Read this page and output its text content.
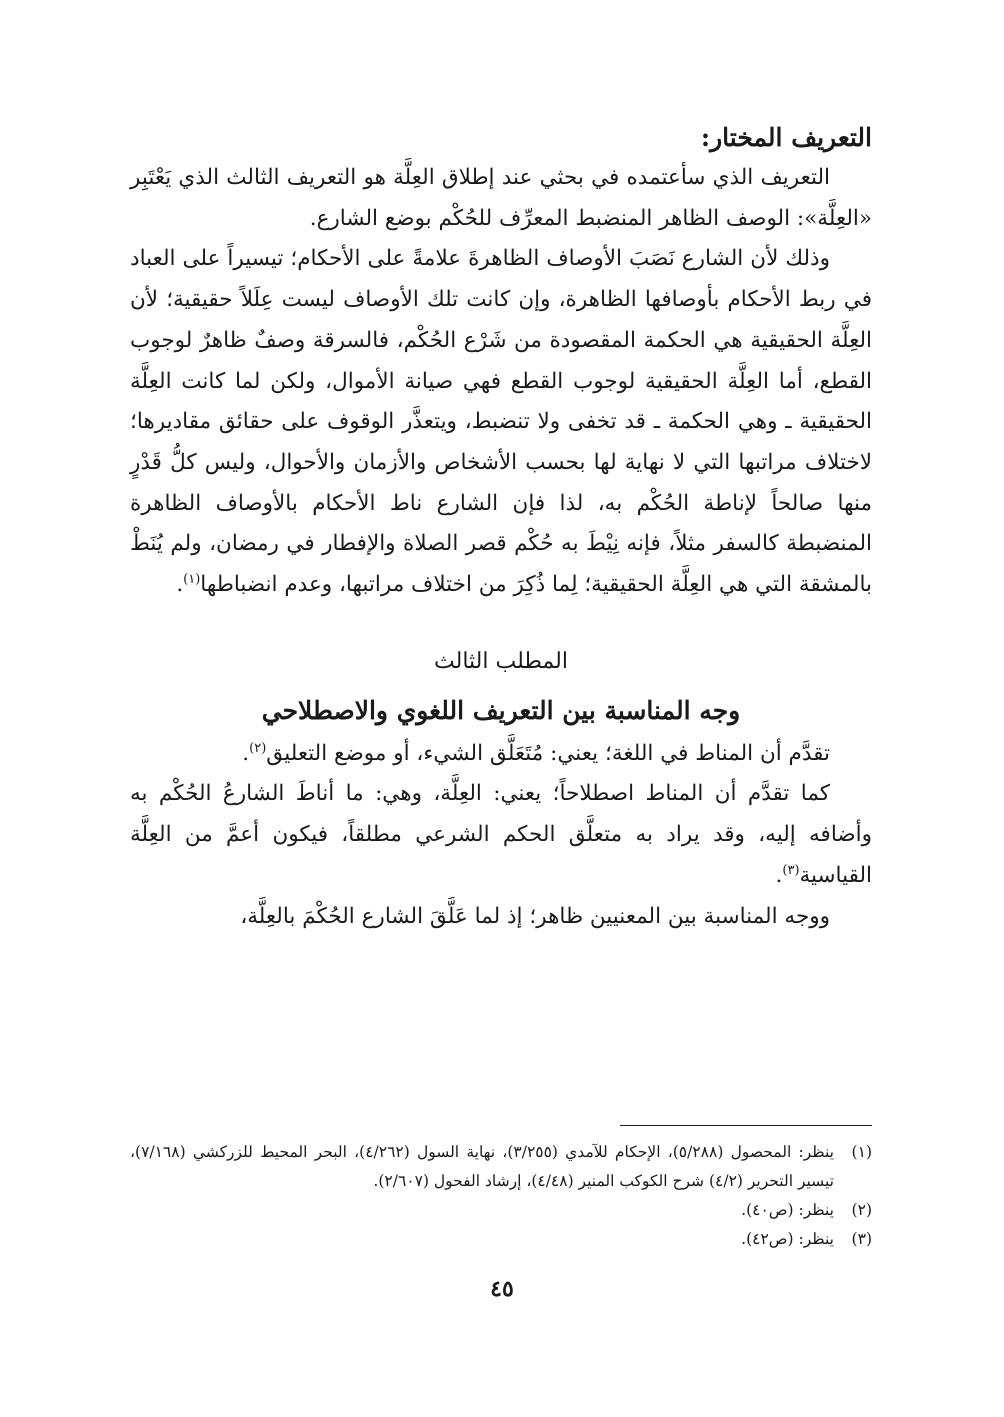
التعريف المختار:

التعريف الذي سأعتمده في بحثي عند إطلاق العِلَّة هو التعريف الثالث الذي يَعْتَبِر «العِلَّة»: الوصف الظاهر المنضبط المعرِّف للحُكْم بوضع الشارع.

وذلك لأن الشارع نَصَبَ الأوصاف الظاهرةَ علامةً على الأحكام؛ تيسيراً على العباد في ربط الأحكام بأوصافها الظاهرة، وإن كانت تلك الأوصاف ليست عِلَلاً حقيقية؛ لأن العِلَّة الحقيقية هي الحكمة المقصودة من شَرْع الحُكْم، فالسرقة وصفٌ ظاهرٌ لوجوب القطع، أما العِلَّة الحقيقية لوجوب القطع فهي صيانة الأموال، ولكن لما كانت العِلَّة الحقيقية ـ وهي الحكمة ـ قد تخفى ولا تنضبط، ويتعذَّر الوقوف على حقائق مقاديرها؛ لاختلاف مراتبها التي لا نهاية لها بحسب الأشخاص والأزمان والأحوال، وليس كلُّ قَدْرٍ منها صالحاً لإناطة الحُكْم به، لذا فإن الشارع ناط الأحكام بالأوصاف الظاهرة المنضبطة كالسفر مثلاً، فإنه نِيْطَ به حُكْم قصر الصلاة والإفطار في رمضان، ولم يُنَطْ بالمشقة التي هي العِلَّة الحقيقية؛ لِما ذُكِرَ من اختلاف مراتبها، وعدم انضباطها$^{(١)}$.

المطلب الثالث

وجه المناسبة بين التعريف اللغوي والاصطلاحي

تقدَّم أن المناط في اللغة؛ يعني: مُتَعَلَّق الشيء، أو موضع التعليق$^{(٢)}$.

كما تقدَّم أن المناط اصطلاحاً؛ يعني: العِلَّة، وهي: ما أناطَ الشارعُ الحُكْم به وأضافه إليه، وقد يراد به متعلَّق الحكم الشرعي مطلقاً، فيكون أعمَّ من العِلَّة القياسية$^{(٣)}$.

ووجه المناسبة بين المعنيين ظاهر؛ إذ لما عَلَّقَ الشارع الحُكْمَ بالعِلَّة،

(١)
ينظر: المحصول (٥/٢٨٨)، الإحكام للآمدي (٣/٢٥٥)، نهاية السول (٤/٢٦٢)، البحر المحيط للزركشي (٧/١٦٨)، تيسير التحرير (٤/٢) شرح الكوكب المنير (٤/٤٨)، إرشاد الفحول (٢/٦٠٧).
(٢)
ينظر: (ص٤٠).
(٣)
ينظر: (ص٤٢).
٤٥
